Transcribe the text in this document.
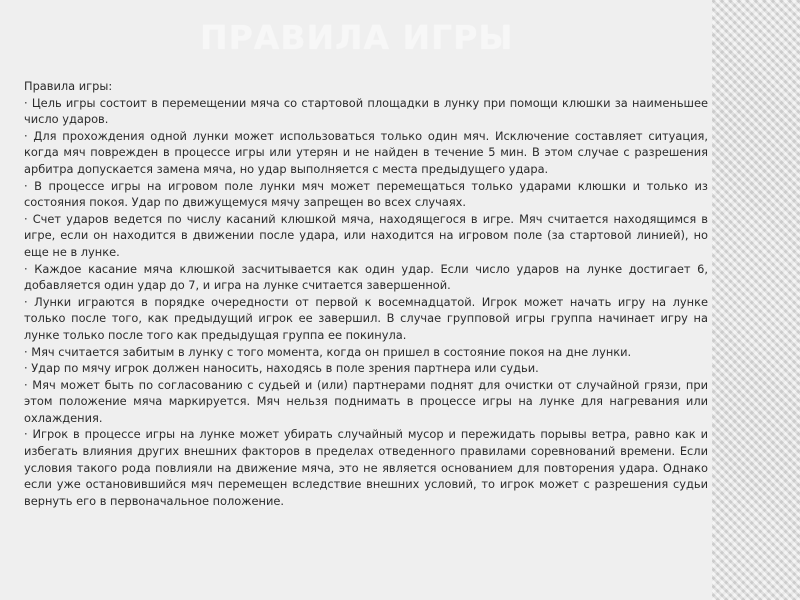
ПРАВИЛА ИГРЫ

Правила игры:

· Цель игры состоит в перемещении мяча со стартовой площадки в лунку при помощи клюшки за наименьшее число ударов.

· Для прохождения одной лунки может использоваться только один мяч. Исключение составляет ситуация, когда мяч поврежден в процессе игры или утерян и не найден в течение 5 мин. В этом случае с разрешения арбитра допускается замена мяча, но удар выполняется с места предыдущего удара.

· В процессе игры на игровом поле лунки мяч может перемещаться только ударами клюшки и только из состояния покоя. Удар по движущемуся мячу запрещен во всех случаях.

· Счет ударов ведется по числу касаний клюшкой мяча, находящегося в игре. Мяч считается находящимся в игре, если он находится в движении после удара, или находится на игровом поле (за стартовой линией), но еще не в лунке.

· Каждое касание мяча клюшкой засчитывается как один удар. Если число ударов на лунке достигает 6, добавляется один удар до 7, и игра на лунке считается завершенной.

· Лунки играются в порядке очередности от первой к восемнадцатой. Игрок может начать игру на лунке только после того, как предыдущий игрок ее завершил. В случае групповой игры группа начинает игру на лунке только после того как предыдущая группа ее покинула.

· Мяч считается забитым в лунку с того момента, когда он пришел в состояние покоя на дне лунки.

· Удар по мячу игрок должен наносить, находясь в поле зрения партнера или судьи.

· Мяч может быть по согласованию с судьей и (или) партнерами поднят для очистки от случайной грязи, при этом положение мяча маркируется. Мяч нельзя поднимать в процессе игры на лунке для нагревания или охлаждения.

· Игрок в процессе игры на лунке может убирать случайный мусор и пережидать порывы ветра, равно как и избегать влияния других внешних факторов в пределах отведенного правилами соревнований времени. Если условия такого рода повлияли на движение мяча, это не является основанием для повторения удара. Однако если уже остановившийся мяч перемещен вследствие внешних условий, то игрок может с разрешения судьи вернуть его в первоначальное положение.
